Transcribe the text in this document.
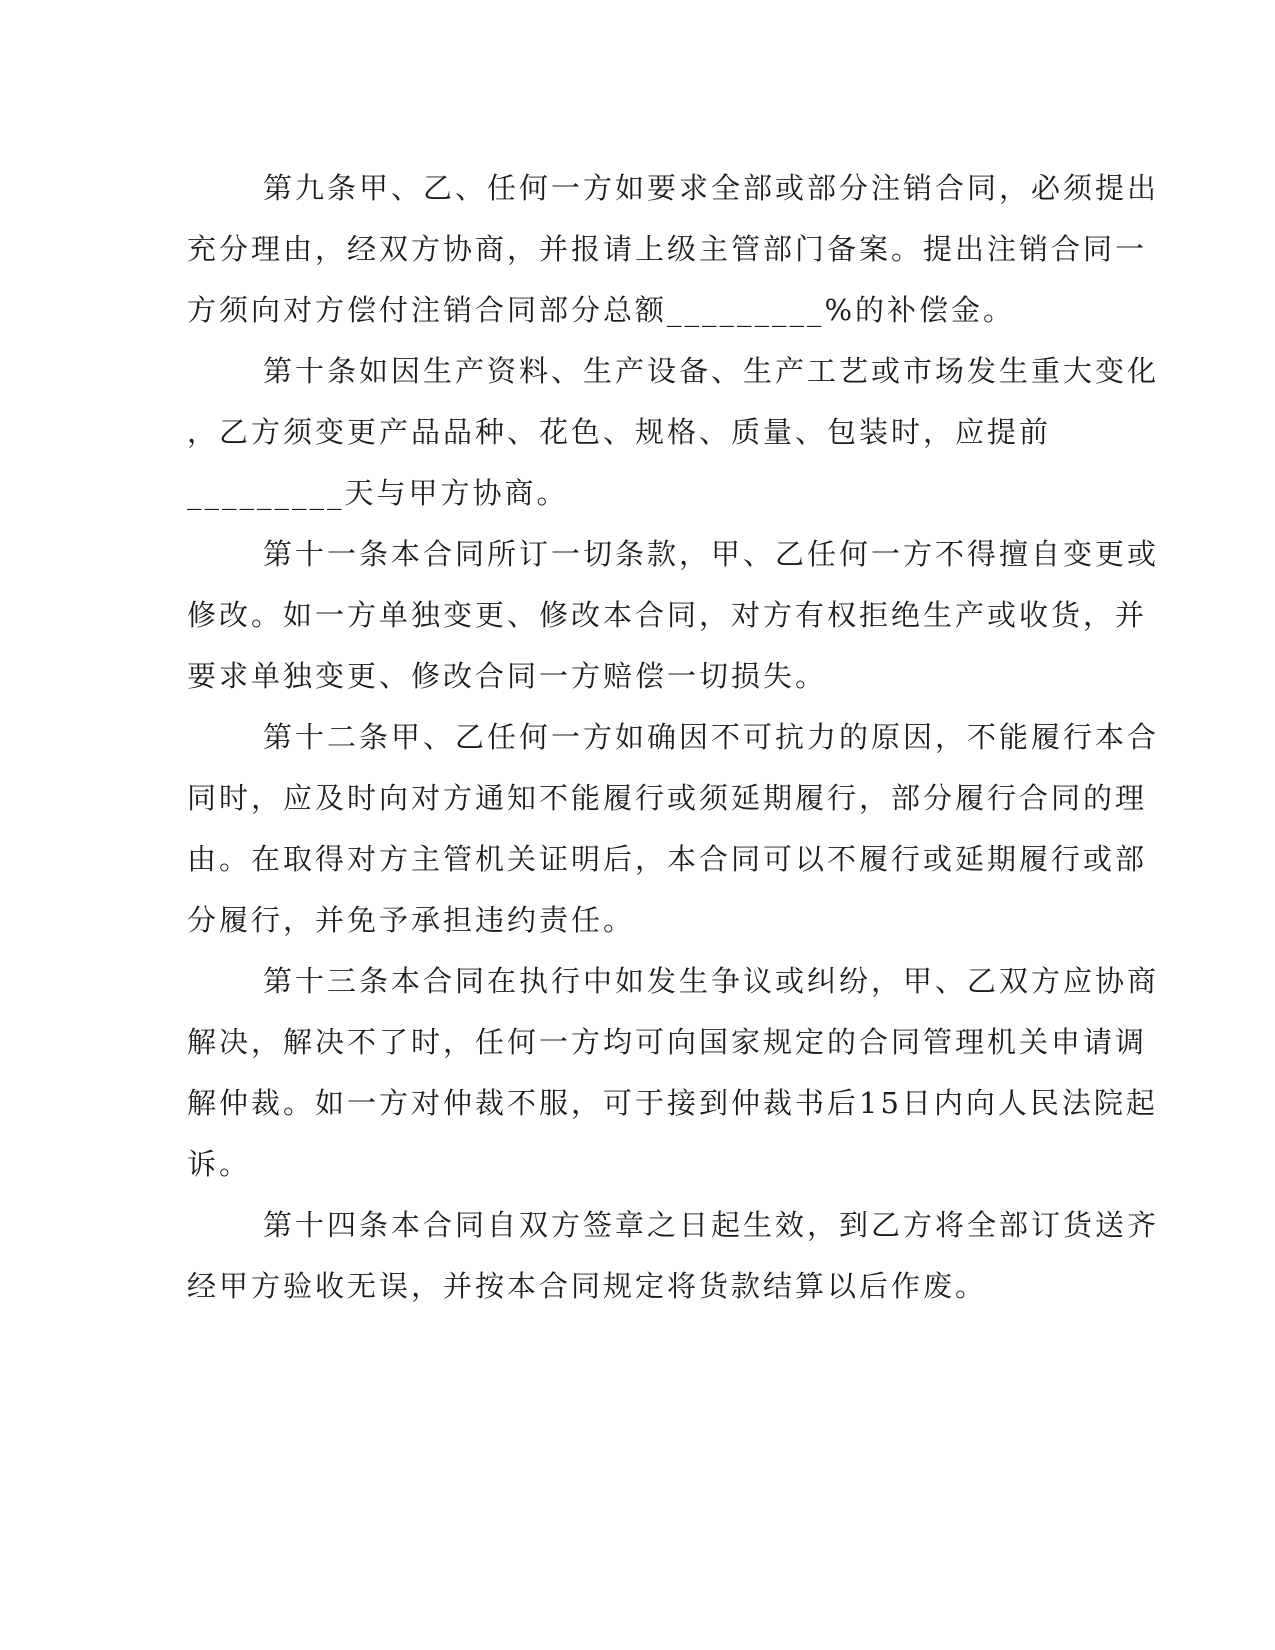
第九条甲、乙、任何一方如要求全部或部分注销合同，必须提出
充分理由，经双方协商，并报请上级主管部门备案。提出注销合同一
方须向对方偿付注销合同部分总额_________%的补偿金。
第十条如因生产资料、生产设备、生产工艺或市场发生重大变化
，乙方须变更产品品种、花色、规格、质量、包装时，应提前
_________天与甲方协商。
第十一条本合同所订一切条款，甲、乙任何一方不得擅自变更或
修改。如一方单独变更、修改本合同，对方有权拒绝生产或收货，并
要求单独变更、修改合同一方赔偿一切损失。
第十二条甲、乙任何一方如确因不可抗力的原因，不能履行本合
同时，应及时向对方通知不能履行或须延期履行，部分履行合同的理
由。在取得对方主管机关证明后，本合同可以不履行或延期履行或部
分履行，并免予承担违约责任。
第十三条本合同在执行中如发生争议或纠纷，甲、乙双方应协商
解决，解决不了时，任何一方均可向国家规定的合同管理机关申请调
解仲裁。如一方对仲裁不服，可于接到仲裁书后15日内向人民法院起
诉。
第十四条本合同自双方签章之日起生效，到乙方将全部订货送齐
经甲方验收无误，并按本合同规定将货款结算以后作废。
